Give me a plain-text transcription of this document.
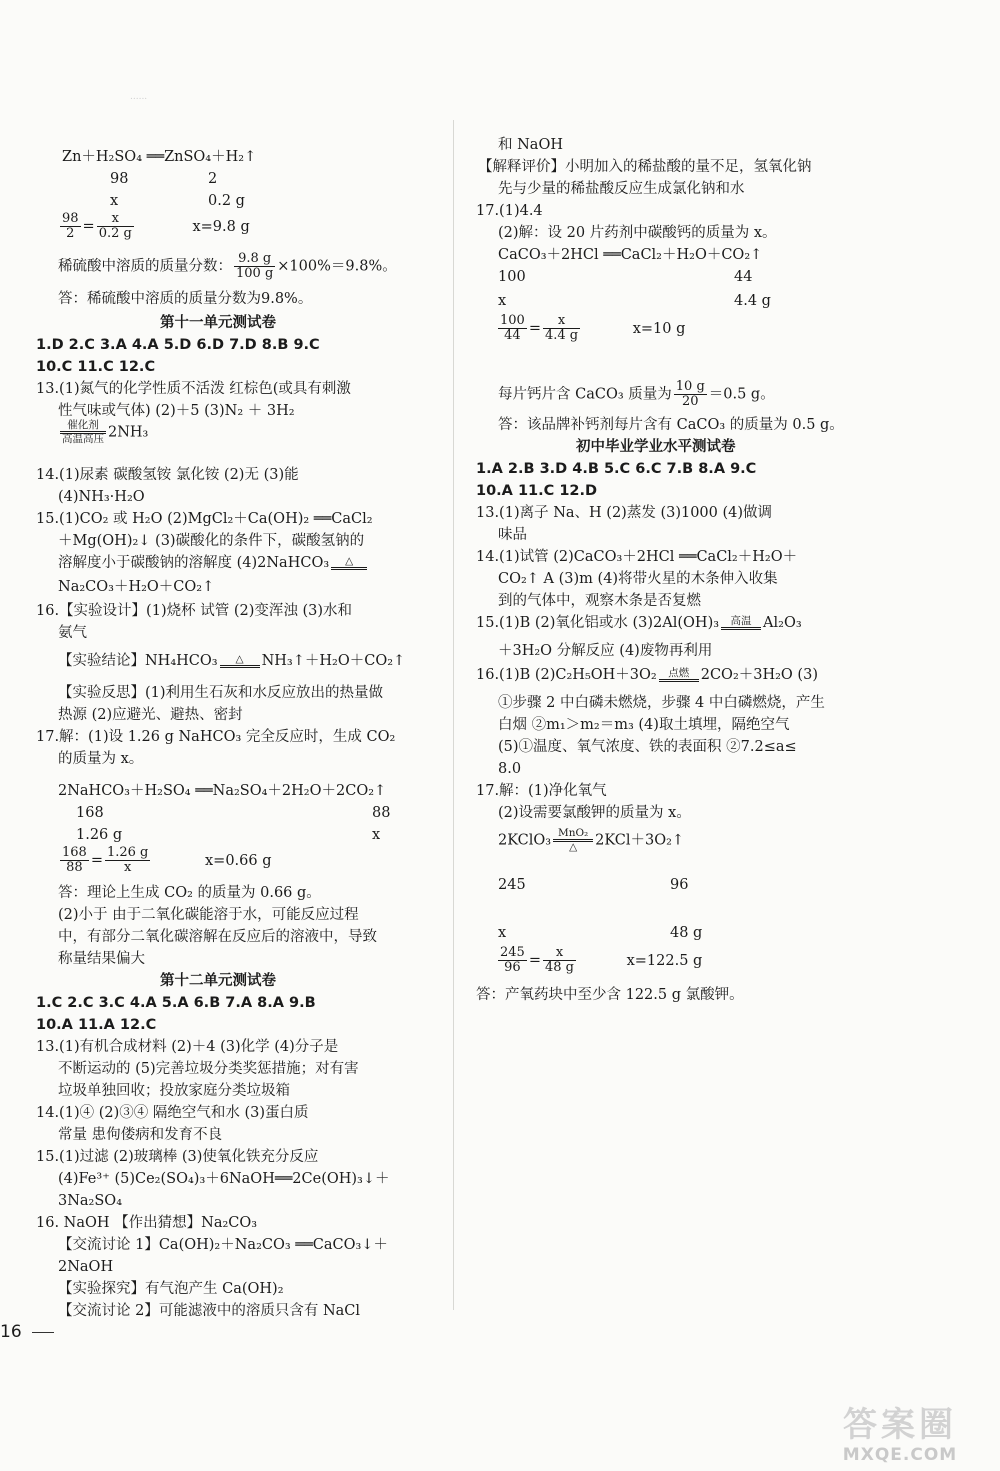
......
Zn＋H₂SO₄ ══ZnSO₄＋H₂↑
98	2
x	0.2 g
$\frac{98}{2} = \frac{x}{0.2 g}$	x=9.8 g
稀硫酸中溶质的质量分数： $\frac{9.8 g}{100 g} \times 100\%=9.8\%$。
答：稀硫酸中溶质的质量分数为9.8%。
第十一单元测试卷
1.D 2.C 3.A 4.A 5.D 6.D 7.D 8.B 9.C
10.C 11.C 12.C
13.(1)氮气的化学性质不活泼 红棕色(或具有刺激
性气味或气体) (2)＋5 (3)N₂ ＋ 3H₂
催化剂
高温高压 2NH₃
14.(1)尿素 碳酸氢铵 氯化铵 (2)无 (3)能
(4)NH₃·H₂O
15.(1)CO₂ 或 H₂O (2)MgCl₂＋Ca(OH)₂ ══CaCl₂
＋Mg(OH)₂↓ (3)碳酸化的条件下，碳酸氢钠的
溶解度小于碳酸钠的溶解度 (4)2NaHCO₃	△
Na₂CO₃＋H₂O＋CO₂↑
16.【实验设计】(1)烧杯 试管 (2)变浑浊 (3)水和
氨气
【实验结论】NH₄HCO₃	△	NH₃↑＋H₂O＋CO₂↑
【实验反思】(1)利用生石灰和水反应放出的热量做
热源 (2)应避光、避热、密封
17.解：(1)设 1.26 g NaHCO₃ 完全反应时，生成 CO₂
的质量为 x。
2NaHCO₃＋H₂SO₄ ══Na₂SO₄＋2H₂O＋2CO₂↑
168	88
1.26 g	x
$\frac{168}{88} = \frac{1.26 g}{x}$	x=0.66 g
答：理论上生成 CO₂ 的质量为 0.66 g。
(2)小于 由于二氧化碳能溶于水，可能反应过程
中，有部分二氧化碳溶解在反应后的溶液中，导致
称量结果偏大
第十二单元测试卷
1.C 2.C 3.C 4.A 5.A 6.B 7.A 8.A 9.B
10.A 11.A 12.C
13.(1)有机合成材料 (2)＋4 (3)化学 (4)分子是
不断运动的 (5)完善垃圾分类奖惩措施；对有害
垃圾单独回收；投放家庭分类垃圾箱
14.(1)④ (2)③④ 隔绝空气和水 (3)蛋白质
常量 患佝偻病和发育不良
15.(1)过滤 (2)玻璃棒 (3)使氧化铁充分反应
(4)Fe³⁺ (5)Ce₂(SO₄)₃＋6NaOH══2Ce(OH)₃↓＋
3Na₂SO₄
16. NaOH 【作出猜想】Na₂CO₃
【交流讨论 1】Ca(OH)₂＋Na₂CO₃ ══CaCO₃↓＋
2NaOH
【实验探究】有气泡产生 Ca(OH)₂
【交流讨论 2】可能滤液中的溶质只含有 NaCl
和 NaOH
【解释评价】小明加入的稀盐酸的量不足，氢氧化钠
先与少量的稀盐酸反应生成氯化钠和水
17.(1)4.4
(2)解：设 20 片药剂中碳酸钙的质量为 x。
CaCO₃＋2HCl ══CaCl₂＋H₂O＋CO₂↑
100	44
x	4.4 g
$\frac{100}{44} = \frac{x}{4.4 g}$	x=10 g
每片钙片含 CaCO₃ 质量为 $\frac{10 g}{20} =0.5$ g。
答：该品牌补钙剂每片含有 CaCO₃ 的质量为 0.5 g。
初中毕业学业水平测试卷
1.A 2.B 3.D 4.B 5.C 6.C 7.B 8.A 9.C
10.A 11.C 12.D
13.(1)离子 Na、H (2)蒸发 (3)1000 (4)做调
味品
14.(1)试管 (2)CaCO₃＋2HCl ══CaCl₂＋H₂O＋
CO₂↑ A (3)m (4)将带火星的木条伸入收集
到的气体中，观察木条是否复燃
15.(1)B (2)氧化铝或水 (3)2Al(OH)₃	高温 Al₂O₃
＋3H₂O 分解反应 (4)废物再利用
16.(1)B (2)C₂H₅OH＋3O₂	点燃 2CO₂＋3H₂O (3)
①步骤 2 中白磷未燃烧，步骤 4 中白磷燃烧，产生
白烟 ②m₁＞m₂＝m₃ (4)取土填埋，隔绝空气
(5)①温度、氧气浓度、铁的表面积 ②7.2≤a≤
8.0
17.解：(1)净化氧气
(2)设需要氯酸钾的质量为 x。
2KClO₃ MnO₂
△	2KCl＋3O₂↑
245	96
x	48 g
$\frac{245}{96} = \frac{x}{48 g}$	x=122.5 g
答：产氧药块中至少含 122.5 g 氯酸钾。
16
答案圈
MXQE.COM
